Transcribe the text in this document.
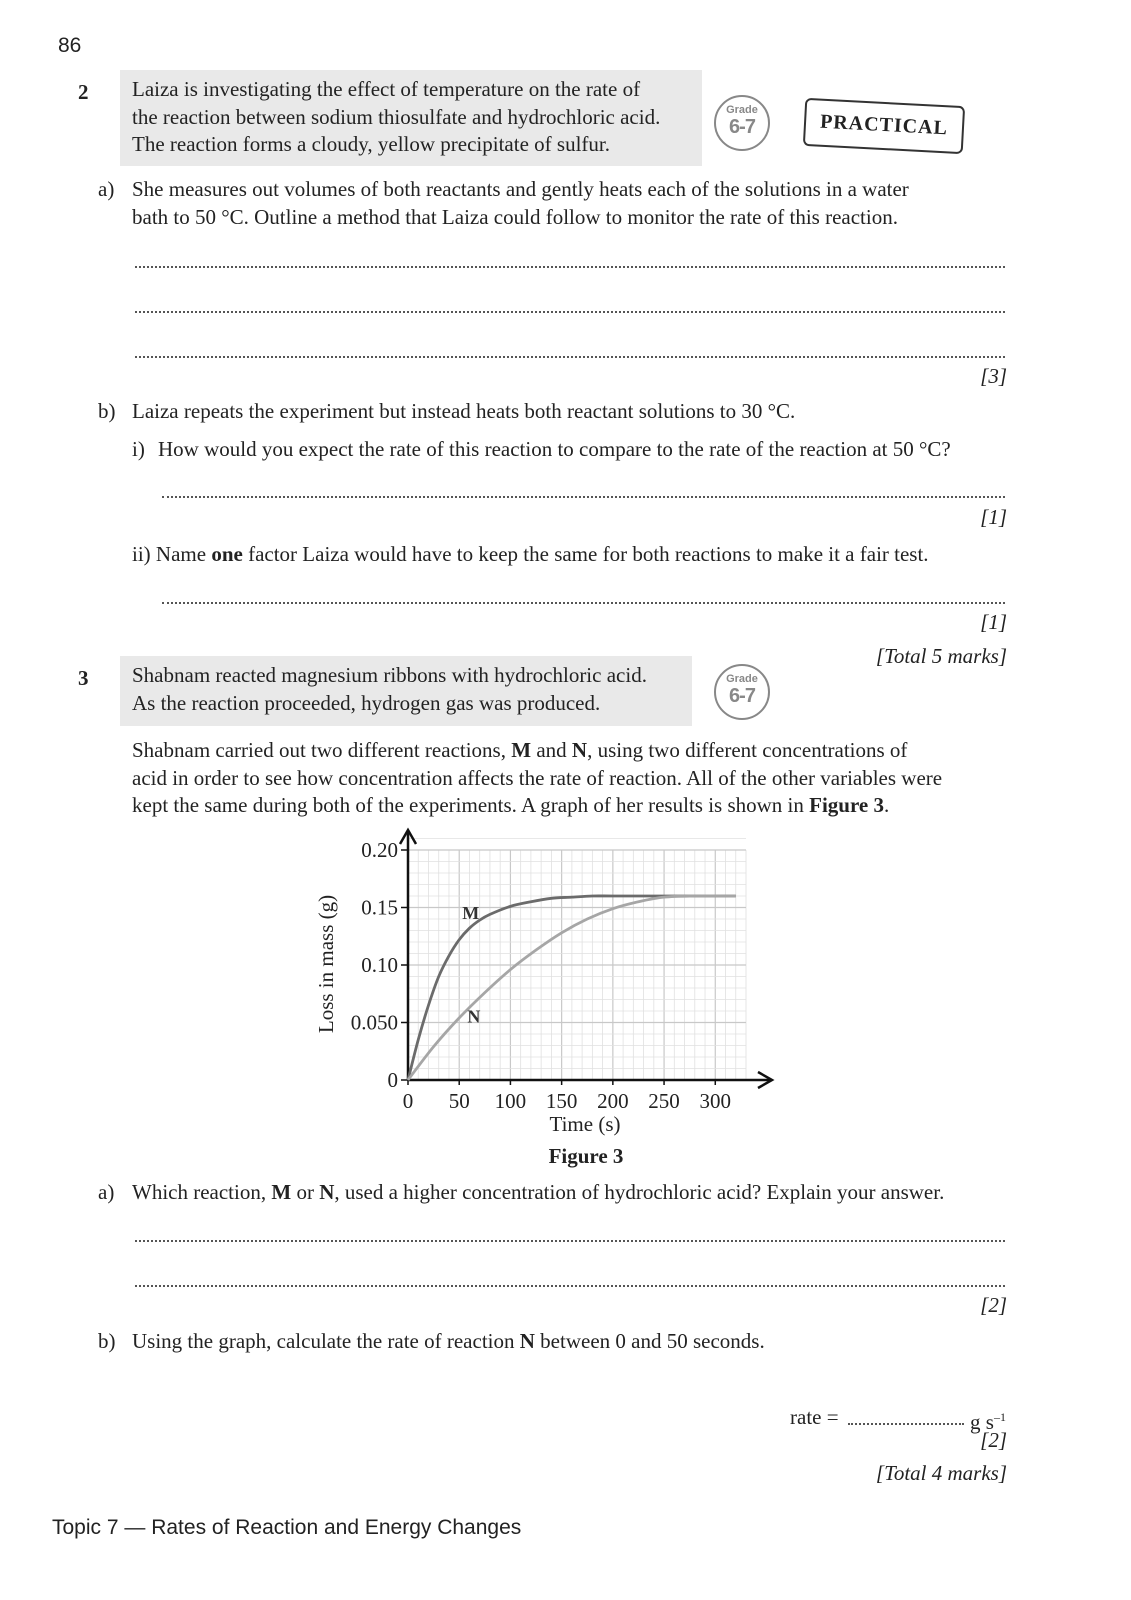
86
2 Laiza is investigating the effect of temperature on the rate of
the reaction between sodium thiosulfate and hydrochloric acid.
The reaction forms a cloudy, yellow precipitate of sulfur.
Grade
6-7	PRACTICAL
a) She measures out volumes of both reactants and gently heats each of the solutions in a water
bath to 50 °C. Outline a method that Laiza could follow to monitor the rate of this reaction.
[3]
b) Laiza repeats the experiment but instead heats both reactant solutions to 30 °C.
i) How would you expect the rate of this reaction to compare to the rate of the reaction at 50 °C?
[1]
ii) Name one factor Laiza would have to keep the same for both reactions to make it a fair test.
[1]
[Total 5 marks]
3 Shabnam reacted magnesium ribbons with hydrochloric acid.
As the reaction proceeded, hydrogen gas was produced.
Grade
6-7
Shabnam carried out two different reactions, M and N, using two different concentrations of
acid in order to see how concentration affects the rate of reaction. All of the other variables were
kept the same during both of the experiments. A graph of her results is shown in Figure 3.
0 50 100 150 200 250 300
0
0.050
0.10
0.15
0.20
M
N
Time (s)
Loss in mass (g)
Figure 3
a) Which reaction, M or N, used a higher concentration of hydrochloric acid? Explain your answer.
[2]
b) Using the graph, calculate the rate of reaction N between 0 and 50 seconds.
rate =	g $s^{-1}$
[2]
[Total 4 marks]
Topic 7 — Rates of Reaction and Energy Changes
